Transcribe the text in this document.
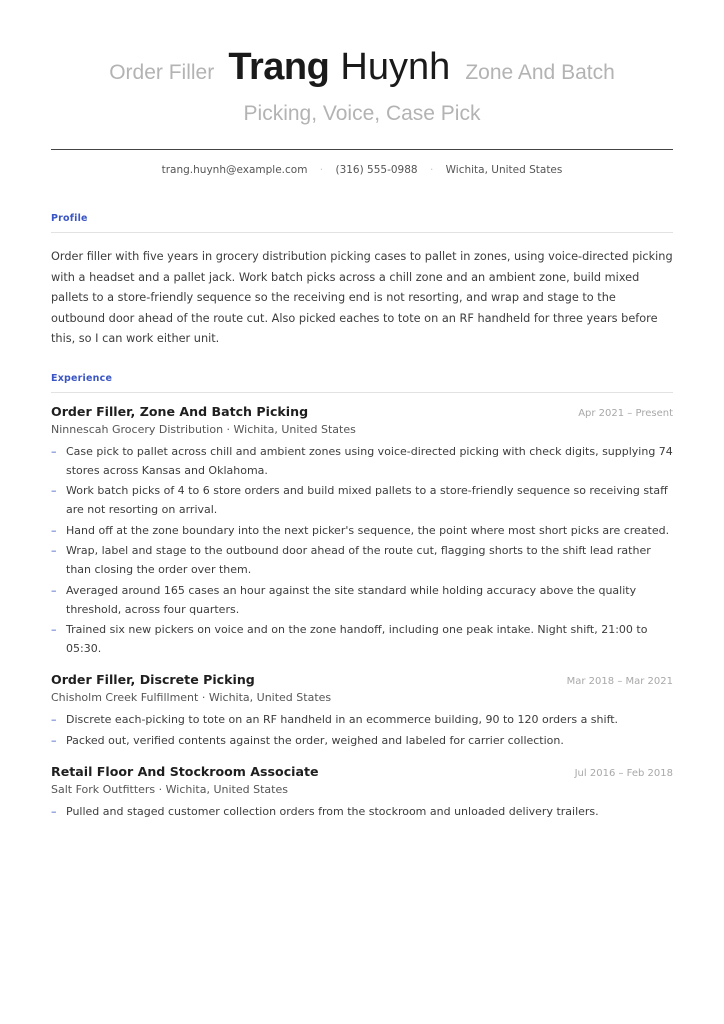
Order Filler Trang Huynh Zone And Batch
Picking, Voice, Case Pick
trang.huynh@example.com · (316) 555-0988 · Wichita, United States
Profile
Order filler with five years in grocery distribution picking cases to pallet in zones, using voice-directed picking with a headset and a pallet jack. Work batch picks across a chill zone and an ambient zone, build mixed pallets to a store-friendly sequence so the receiving end is not resorting, and wrap and stage to the outbound door ahead of the route cut. Also picked eaches to tote on an RF handheld for three years before this, so I can work either unit.
Experience
Order Filler, Zone And Batch Picking	Apr 2021 – Present
Ninnescah Grocery Distribution · Wichita, United States
– Case pick to pallet across chill and ambient zones using voice-directed picking with check digits, supplying 74 stores across Kansas and Oklahoma.
– Work batch picks of 4 to 6 store orders and build mixed pallets to a store-friendly sequence so receiving staff are not resorting on arrival.
– Hand off at the zone boundary into the next picker's sequence, the point where most short picks are created.
– Wrap, label and stage to the outbound door ahead of the route cut, flagging shorts to the shift lead rather than closing the order over them.
– Averaged around 165 cases an hour against the site standard while holding accuracy above the quality threshold, across four quarters.
– Trained six new pickers on voice and on the zone handoff, including one peak intake. Night shift, 21:00 to 05:30.
Order Filler, Discrete Picking	Mar 2018 – Mar 2021
Chisholm Creek Fulfillment · Wichita, United States
– Discrete each-picking to tote on an RF handheld in an ecommerce building, 90 to 120 orders a shift.
– Packed out, verified contents against the order, weighed and labeled for carrier collection.
Retail Floor And Stockroom Associate	Jul 2016 – Feb 2018
Salt Fork Outfitters · Wichita, United States
– Pulled and staged customer collection orders from the stockroom and unloaded delivery trailers.
